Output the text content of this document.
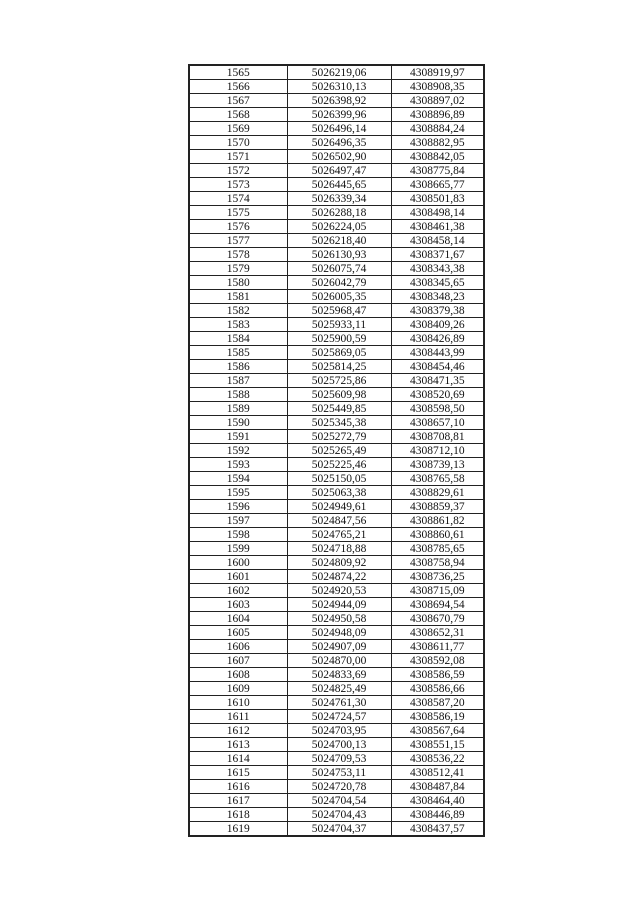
1565	5026219,06	4308919,97
1566	5026310,13	4308908,35
1567	5026398,92	4308897,02
1568	5026399,96	4308896,89
1569	5026496,14	4308884,24
1570	5026496,35	4308882,95
1571	5026502,90	4308842,05
1572	5026497,47	4308775,84
1573	5026445,65	4308665,77
1574	5026339,34	4308501,83
1575	5026288,18	4308498,14
1576	5026224,05	4308461,38
1577	5026218,40	4308458,14
1578	5026130,93	4308371,67
1579	5026075,74	4308343,38
1580	5026042,79	4308345,65
1581	5026005,35	4308348,23
1582	5025968,47	4308379,38
1583	5025933,11	4308409,26
1584	5025900,59	4308426,89
1585	5025869,05	4308443,99
1586	5025814,25	4308454,46
1587	5025725,86	4308471,35
1588	5025609,98	4308520,69
1589	5025449,85	4308598,50
1590	5025345,38	4308657,10
1591	5025272,79	4308708,81
1592	5025265,49	4308712,10
1593	5025225,46	4308739,13
1594	5025150,05	4308765,58
1595	5025063,38	4308829,61
1596	5024949,61	4308859,37
1597	5024847,56	4308861,82
1598	5024765,21	4308860,61
1599	5024718,88	4308785,65
1600	5024809,92	4308758,94
1601	5024874,22	4308736,25
1602	5024920,53	4308715,09
1603	5024944,09	4308694,54
1604	5024950,58	4308670,79
1605	5024948,09	4308652,31
1606	5024907,09	4308611,77
1607	5024870,00	4308592,08
1608	5024833,69	4308586,59
1609	5024825,49	4308586,66
1610	5024761,30	4308587,20
1611	5024724,57	4308586,19
1612	5024703,95	4308567,64
1613	5024700,13	4308551,15
1614	5024709,53	4308536,22
1615	5024753,11	4308512,41
1616	5024720,78	4308487,84
1617	5024704,54	4308464,40
1618	5024704,43	4308446,89
1619	5024704,37	4308437,57
